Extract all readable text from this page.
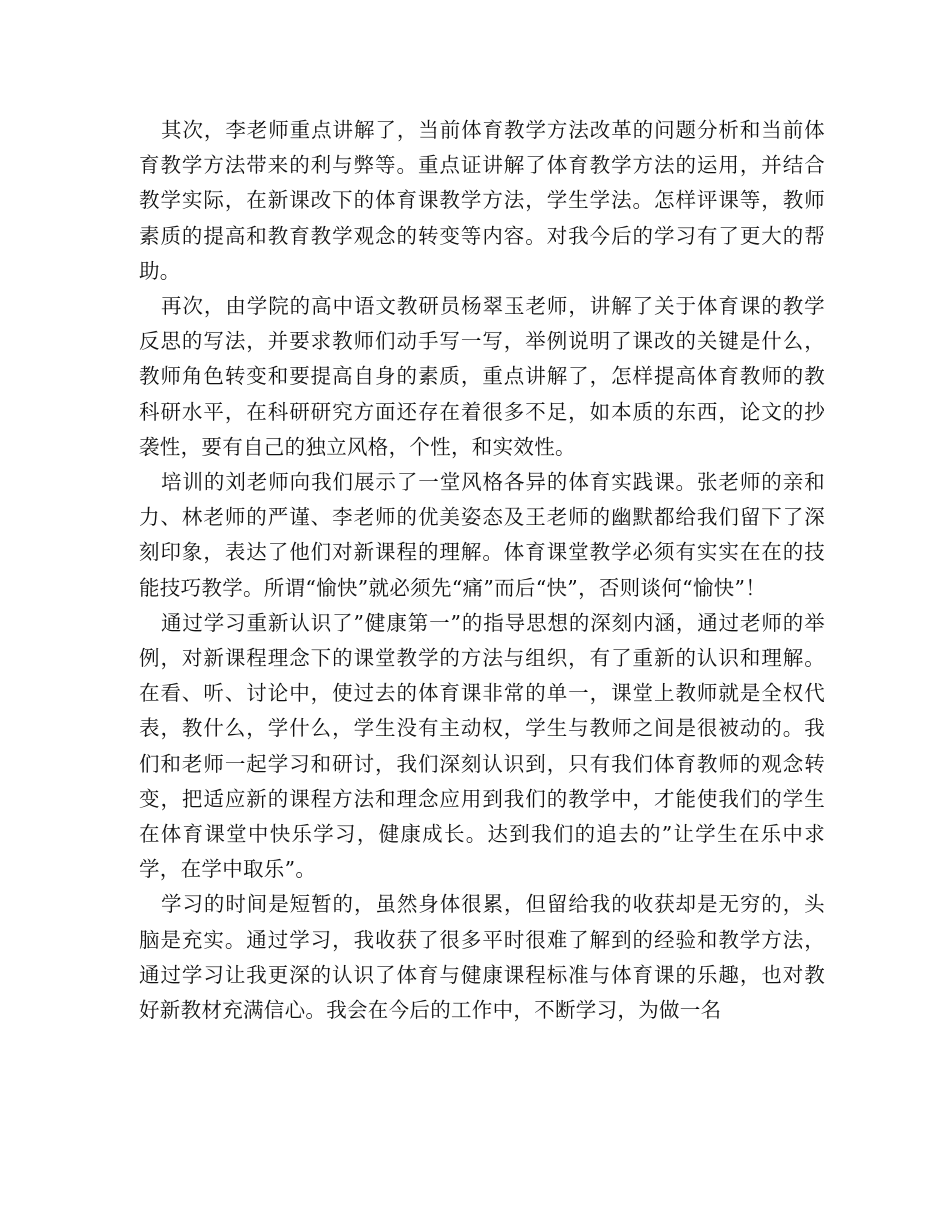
其次，李老师重点讲解了，当前体育教学方法改革的问题分析和当前体育教学方法带来的利与弊等。重点证讲解了体育教学方法的运用，并结合教学实际，在新课改下的体育课教学方法，学生学法。怎样评课等，教师素质的提高和教育教学观念的转变等内容。对我今后的学习有了更大的帮助。

再次，由学院的高中语文教研员杨翠玉老师，讲解了关于体育课的教学反思的写法，并要求教师们动手写一写，举例说明了课改的关键是什么，教师角色转变和要提高自身的素质，重点讲解了，怎样提高体育教师的教科研水平，在科研研究方面还存在着很多不足，如本质的东西，论文的抄袭性，要有自己的独立风格，个性，和实效性。

培训的刘老师向我们展示了一堂风格各异的体育实践课。张老师的亲和力、林老师的严谨、李老师的优美姿态及王老师的幽默都给我们留下了深刻印象，表达了他们对新课程的理解。体育课堂教学必须有实实在在的技能技巧教学。所谓“愉快”就必须先“痛”而后“快”，否则谈何“愉快”！

通过学习重新认识了”健康第一”的指导思想的深刻内涵，通过老师的举例，对新课程理念下的课堂教学的方法与组织，有了重新的认识和理解。在看、听、讨论中，使过去的体育课非常的单一，课堂上教师就是全权代表，教什么，学什么，学生没有主动权，学生与教师之间是很被动的。我们和老师一起学习和研讨，我们深刻认识到，只有我们体育教师的观念转变，把适应新的课程方法和理念应用到我们的教学中，才能使我们的学生在体育课堂中快乐学习，健康成长。达到我们的追去的”让学生在乐中求学，在学中取乐”。

学习的时间是短暂的，虽然身体很累，但留给我的收获却是无穷的，头脑是充实。通过学习，我收获了很多平时很难了解到的经验和教学方法，通过学习让我更深的认识了体育与健康课程标准与体育课的乐趣，也对教好新教材充满信心。我会在今后的工作中，不断学习，为做一名
